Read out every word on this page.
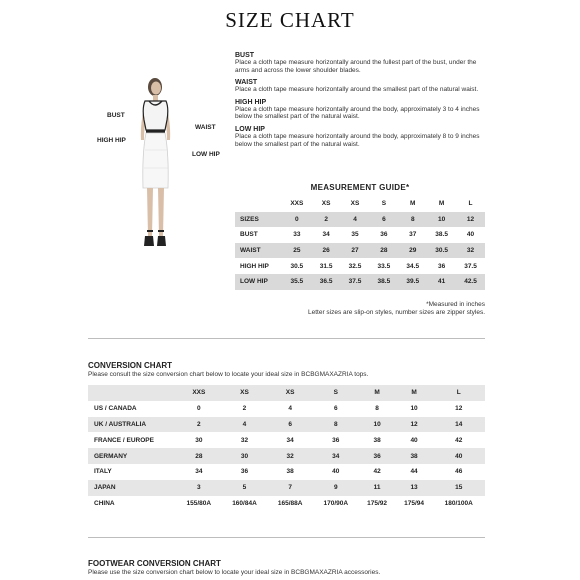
SIZE CHART
BUST
WAIST
HIGH HIP
LOW HIP
BUST
Place a cloth tape measure horizontally around the fullest part of the bust, under the arms and across the lower shoulder blades.
WAIST
Place a cloth tape measure horizontally around the smallest part of the natural waist.
HIGH HIP
Place a cloth tape measure horizontally around the body, approximately 3 to 4 inches below the smallest part of the natural waist.
LOW HIP
Place a cloth tape measure horizontally around the body, approximately 8 to 9 inches below the smallest part of the natural waist.
MEASUREMENT GUIDE*
	XXS	XS	XS	S	M	M	L
SIZES	0	2	4	6	8	10	12
BUST	33	34	35	36	37	38.5	40
WAIST	25	26	27	28	29	30.5	32
HIGH HIP	30.5	31.5	32.5	33.5	34.5	36	37.5
LOW HIP	35.5	36.5	37.5	38.5	39.5	41	42.5
*Measured in inches
Letter sizes are slip-on styles, number sizes are zipper styles.
CONVERSION CHART
Please consult the size conversion chart below to locate your ideal size in BCBGMAXAZRIA tops.
	XXS	XS	XS	S	M	M	L
US / CANADA	0	2	4	6	8	10	12
UK / AUSTRALIA	2	4	6	8	10	12	14
FRANCE / EUROPE	30	32	34	36	38	40	42
GERMANY	28	30	32	34	36	38	40
ITALY	34	36	38	40	42	44	46
JAPAN	3	5	7	9	11	13	15
CHINA	155/80A	160/84A	165/88A	170/90A	175/92	175/94	180/100A
FOOTWEAR CONVERSION CHART
Please use the size conversion chart below to locate your ideal size in BCBGMAXAZRIA accessories.
